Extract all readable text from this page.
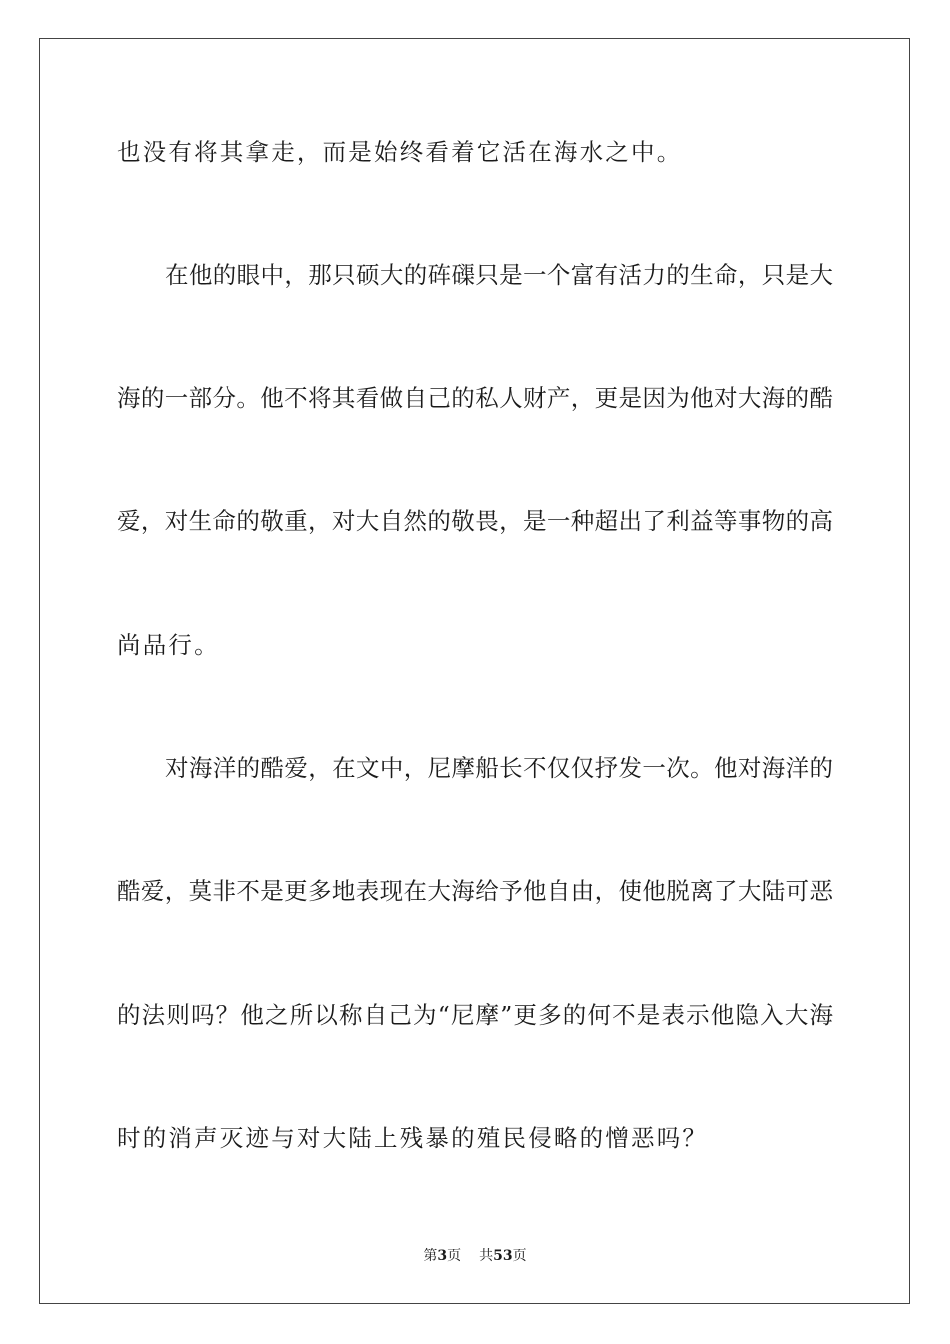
也没有将其拿走，而是始终看着它活在海水之中。
在他的眼中，那只硕大的砗磲只是一个富有活力的生命，只是大
海的一部分。他不将其看做自己的私人财产，更是因为他对大海的酷
爱，对生命的敬重，对大自然的敬畏，是一种超出了利益等事物的高
尚品行。
对海洋的酷爱，在文中，尼摩船长不仅仅抒发一次。他对海洋的
酷爱，莫非不是更多地表现在大海给予他自由，使他脱离了大陆可恶
的法则吗？他之所以称自己为“尼摩”更多的何不是表示他隐入大海
时的消声灭迹与对大陆上残暴的殖民侵略的憎恶吗？
第3页 共53页
